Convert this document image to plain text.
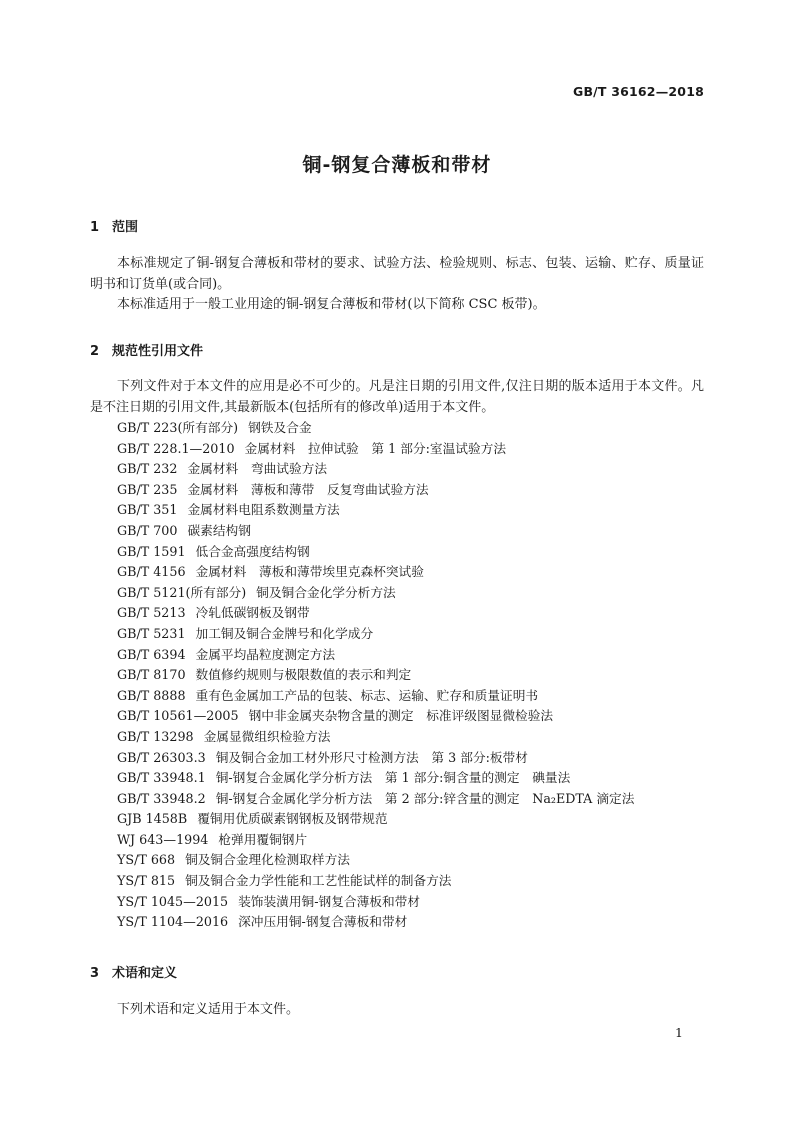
GB/T 36162—2018
铜-钢复合薄板和带材
1 范围
本标准规定了铜-钢复合薄板和带材的要求、试验方法、检验规则、标志、包装、运输、贮存、质量证明书和订货单(或合同)。
本标准适用于一般工业用途的铜-钢复合薄板和带材(以下简称 CSC 板带)。
2 规范性引用文件
下列文件对于本文件的应用是必不可少的。凡是注日期的引用文件,仅注日期的版本适用于本文件。凡是不注日期的引用文件,其最新版本(包括所有的修改单)适用于本文件。
GB/T 223(所有部分) 钢铁及合金
GB/T 228.1—2010 金属材料　拉伸试验　第 1 部分:室温试验方法
GB/T 232 金属材料　弯曲试验方法
GB/T 235 金属材料　薄板和薄带　反复弯曲试验方法
GB/T 351 金属材料电阻系数测量方法
GB/T 700 碳素结构钢
GB/T 1591 低合金高强度结构钢
GB/T 4156 金属材料　薄板和薄带埃里克森杯突试验
GB/T 5121(所有部分) 铜及铜合金化学分析方法
GB/T 5213 冷轧低碳钢板及钢带
GB/T 5231 加工铜及铜合金牌号和化学成分
GB/T 6394 金属平均晶粒度测定方法
GB/T 8170 数值修约规则与极限数值的表示和判定
GB/T 8888 重有色金属加工产品的包装、标志、运输、贮存和质量证明书
GB/T 10561—2005 钢中非金属夹杂物含量的测定　标准评级图显微检验法
GB/T 13298 金属显微组织检验方法
GB/T 26303.3 铜及铜合金加工材外形尺寸检测方法　第 3 部分:板带材
GB/T 33948.1 铜-钢复合金属化学分析方法　第 1 部分:铜含量的测定　碘量法
GB/T 33948.2 铜-钢复合金属化学分析方法　第 2 部分:锌含量的测定　Na₂EDTA 滴定法
GJB 1458B 覆铜用优质碳素钢钢板及钢带规范
WJ 643—1994 枪弹用覆铜钢片
YS/T 668 铜及铜合金理化检测取样方法
YS/T 815 铜及铜合金力学性能和工艺性能试样的制备方法
YS/T 1045—2015 装饰装潢用铜-钢复合薄板和带材
YS/T 1104—2016 深冲压用铜-钢复合薄板和带材
3 术语和定义
下列术语和定义适用于本文件。
1
